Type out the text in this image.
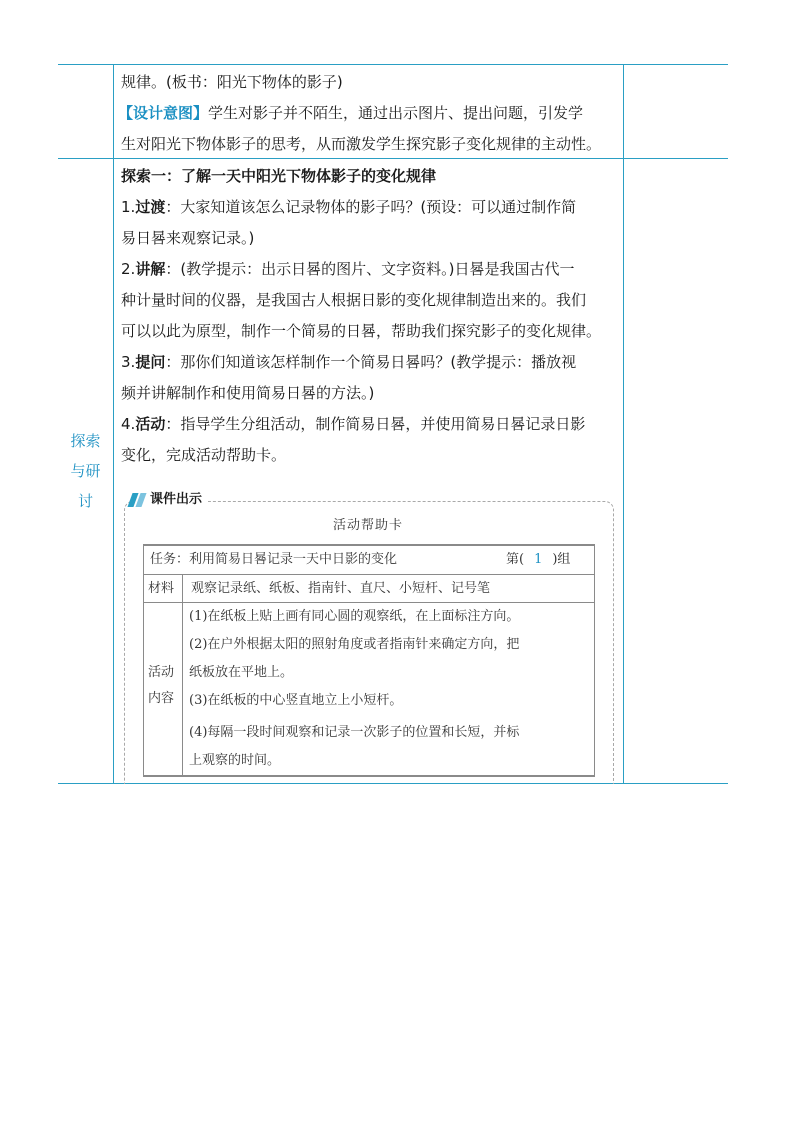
规律。(板书：阳光下物体的影子)
【设计意图】学生对影子并不陌生，通过出示图片、提出问题，引发学
生对阳光下物体影子的思考，从而激发学生探究影子变化规律的主动性。
探索
与研
讨
探索一：了解一天中阳光下物体影子的变化规律
1.过渡：大家知道该怎么记录物体的影子吗？(预设：可以通过制作简
易日晷来观察记录。)
2.讲解：(教学提示：出示日晷的图片、文字资料。)日晷是我国古代一
种计量时间的仪器，是我国古人根据日影的变化规律制造出来的。我们
可以以此为原型，制作一个简易的日晷，帮助我们探究影子的变化规律。
3.提问：那你们知道该怎样制作一个简易日晷吗？(教学提示：播放视
频并讲解制作和使用简易日晷的方法。)
4.活动：指导学生分组活动，制作简易日晷，并使用简易日晷记录日影
变化，完成活动帮助卡。
课件出示
活动帮助卡
任务：利用简易日晷记录一天中日影的变化	第( 1 )组
材料 观察记录纸、纸板、指南针、直尺、小短杆、记号笔
活动
内容
(1)在纸板上贴上画有同心圆的观察纸，在上面标注方向。
(2)在户外根据太阳的照射角度或者指南针来确定方向，把
纸板放在平地上。
(3)在纸板的中心竖直地立上小短杆。
(4)每隔一段时间观察和记录一次影子的位置和长短，并标
上观察的时间。
